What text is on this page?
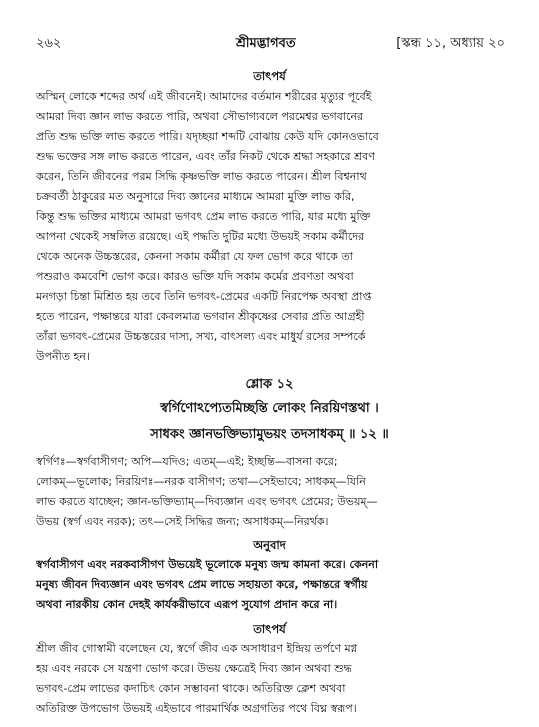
২৬২	শ্রীমদ্ভাগবত	[স্কন্ধ ১১, অধ্যায় ২০
তাৎপর্য
অস্মিন্ লোকে শব্দের অর্থ এই জীবনেই। আমাদের বর্তমান শরীরের মৃত্যুর পূর্বেই
আমরা দিব্য জ্ঞান লাভ করতে পারি, অথবা সৌভাগ্যবলে পরমেশ্বর ভগবানের
প্রতি শুদ্ধ ভক্তি লাভ করতে পারি। যদৃচ্ছয়া শব্দটি বোঝায় কেউ যদি কোনওভাবে
শুদ্ধ ভক্তের সঙ্গ লাভ করতে পারেন, এবং তাঁর নিকট থেকে শ্রদ্ধা সহকারে শ্রবণ
করেন, তিনি জীবনের পরম সিদ্ধি কৃষ্ণভক্তি লাভ করতে পারেন। শ্রীল বিশ্বনাথ
চক্রবর্তী ঠাকুরের মত অনুসারে দিব্য জ্ঞানের মাধ্যমে আমরা মুক্তি লাভ করি,
কিন্তু শুদ্ধ ভক্তির মাধ্যমে আমরা ভগবৎ প্রেম লাভ করতে পারি, যার মধ্যে মুক্তি
আপনা থেকেই সম্বলিত রয়েছে। এই পদ্ধতি দুটির মধ্যে উভয়ই সকাম কর্মীদের
থেকে অনেক উচ্চস্তরের, কেননা সকাম কর্মীরা যে ফল ভোগ করে থাকে তা
পশুরাও কমবেশি ভোগ করে। কারও ভক্তি যদি সকাম কর্মের প্রবণতা অথবা
মনগড়া চিন্তা মিশ্রিত হয় তবে তিনি ভগবৎ-প্রেমের একটি নিরপেক্ষ অবস্থা প্রাপ্ত
হতে পারেন, পক্ষান্তরে যারা কেবলমাত্র ভগবান শ্রীকৃষ্ণের সেবার প্রতি আগ্রহী
তাঁরা ভগবৎ-প্রেমের উচ্চস্তরের দাস্য, সখ্য, বাৎসল্য এবং মাধুর্য রসের সম্পর্কে
উপনীত হন।
শ্লোক ১২
স্বর্গিণোঽপ্যেতমিচ্ছন্তি লোকং নিরয়িণস্তথা ।
সাধকং জ্ঞানভক্তিভ্যামুভয়ং তদসাধকম্ ॥ ১২ ॥
স্বর্গিণঃ—স্বর্গবাসীগণ; অপি—যদিও; এতম্—এই; ইচ্ছন্তি—বাসনা করে;
লোকম্—ভূলোক; নিরয়িণঃ—নরক বাসীগণ; তথা—সেইভাবে; সাধকম্—যিনি
লাভ করতে যাচ্ছেন; জ্ঞান-ভক্তিভ্যাম্—দিব্যজ্ঞান এবং ভগবৎ প্রেমের; উভয়ম্—
উভয় (স্বর্গ এবং নরক); তৎ—সেই সিদ্ধির জন্য; অসাধকম্—নিরর্থক।
অনুবাদ
স্বর্গবাসীগণ এবং নরকবাসীগণ উভয়েই ভূলোকে মনুষ্য জন্ম কামনা করে। কেননা
মনুষ্য জীবন দিব্যজ্ঞান এবং ভগবৎ প্রেম লাভে সহায়তা করে, পক্ষান্তরে স্বর্গীয়
অথবা নারকীয় কোন দেহই কার্যকরীভাবে এরূপ সুযোগ প্রদান করে না।
তাৎপর্য
শ্রীল জীব গোস্বামী বলেছেন যে, স্বর্গে জীব এক অসাধারণ ইন্দ্রিয় তর্পণে মগ্ন
হয় এবং নরকে সে যন্ত্রণা ভোগ করে। উভয় ক্ষেত্রেই দিব্য জ্ঞান অথবা শুদ্ধ
ভগবৎ-প্রেম লাভের কদাচিৎ কোন সম্ভাবনা থাকে। অতিরিক্ত ক্লেশ অথবা
অতিরিক্ত উপভোগ উভয়ই এইভাবে পারমার্থিক অগ্রগতির পথে বিঘ্ন স্বরূপ।
